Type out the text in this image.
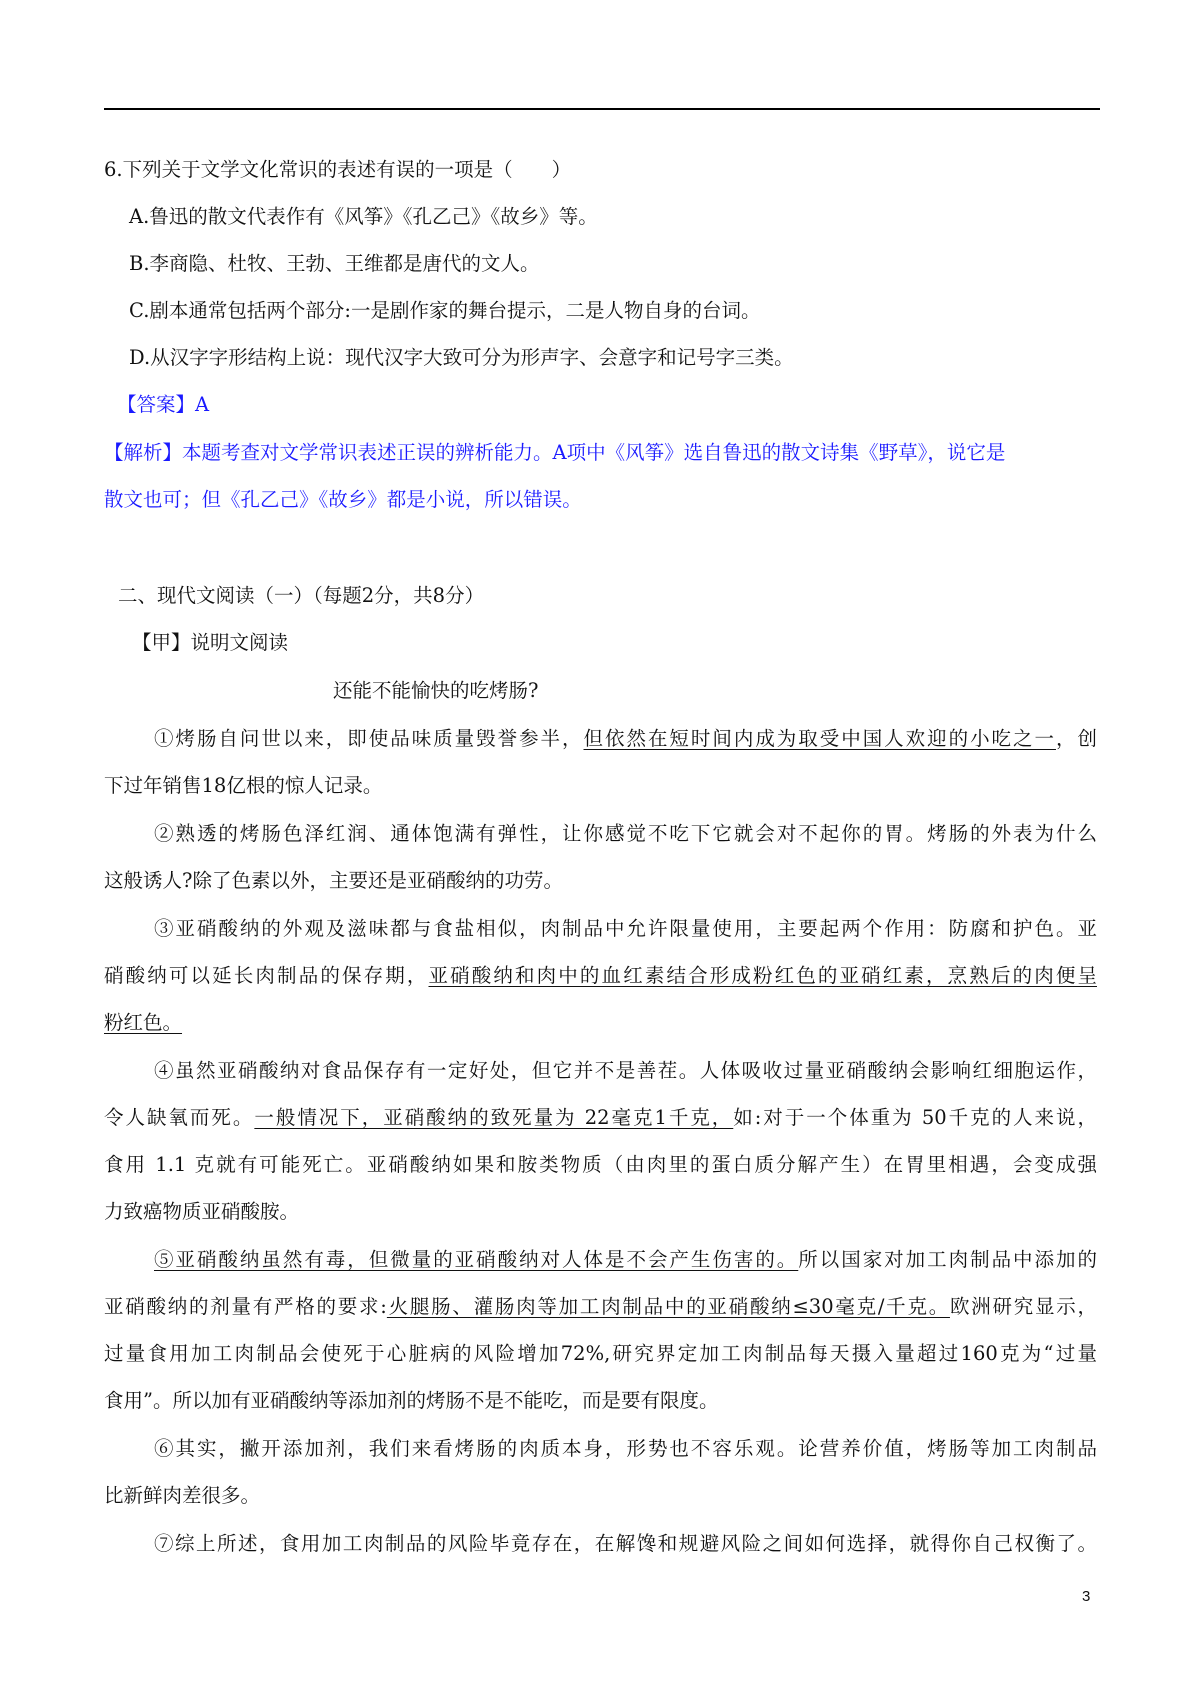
6.下列关于文学文化常识的表述有误的一项是（　　）

A.鲁迅的散文代表作有《风筝》《孔乙己》《故乡》等。

B.李商隐、杜牧、王勃、王维都是唐代的文人。

C.剧本通常包括两个部分:一是剧作家的舞台提示，二是人物自身的台词。

D.从汉字字形结构上说：现代汉字大致可分为形声字、会意字和记号字三类。

【答案】A

【解析】本题考查对文学常识表述正误的辨析能力。A项中《风筝》选自鲁迅的散文诗集《野草》，说它是

散文也可；但《孔乙己》《故乡》都是小说，所以错误。

二、现代文阅读（一）（每题2分，共8分）

【甲】说明文阅读

还能不能愉快的吃烤肠?

①烤肠自问世以来，即使品味质量毁誉参半，但依然在短时间内成为取受中国人欢迎的小吃之一，创

下过年销售18亿根的惊人记录。

②熟透的烤肠色泽红润、通体饱满有弹性，让你感觉不吃下它就会对不起你的胃。烤肠的外表为什么

这般诱人?除了色素以外，主要还是亚硝酸纳的功劳。

③亚硝酸纳的外观及滋味都与食盐相似，肉制品中允许限量使用，主要起两个作用：防腐和护色。亚

硝酸纳可以延长肉制品的保存期，亚硝酸纳和肉中的血红素结合形成粉红色的亚硝红素，烹熟后的肉便呈

粉红色。

④虽然亚硝酸纳对食品保存有一定好处，但它并不是善茬。人体吸收过量亚硝酸纳会影响红细胞运作，

令人缺氧而死。一般情况下，亚硝酸纳的致死量为 22毫克1千克，如:对于一个体重为 50千克的人来说，

食用 1.1 克就有可能死亡。亚硝酸纳如果和胺类物质（由肉里的蛋白质分解产生）在胃里相遇，会变成强

力致癌物质亚硝酸胺。

⑤亚硝酸纳虽然有毒，但微量的亚硝酸纳对人体是不会产生伤害的。所以国家对加工肉制品中添加的

亚硝酸纳的剂量有严格的要求:火腿肠、灌肠肉等加工肉制品中的亚硝酸纳≤30毫克/千克。欧洲研究显示，

过量食用加工肉制品会使死于心脏病的风险增加72%,研究界定加工肉制品每天摄入量超过160克为“过量

食用”。所以加有亚硝酸纳等添加剂的烤肠不是不能吃，而是要有限度。

⑥其实，撇开添加剂，我们来看烤肠的肉质本身，形势也不容乐观。论营养价值，烤肠等加工肉制品

比新鲜肉差很多。

⑦综上所述，食用加工肉制品的风险毕竟存在，在解馋和规避风险之间如何选择，就得你自己权衡了。

3
